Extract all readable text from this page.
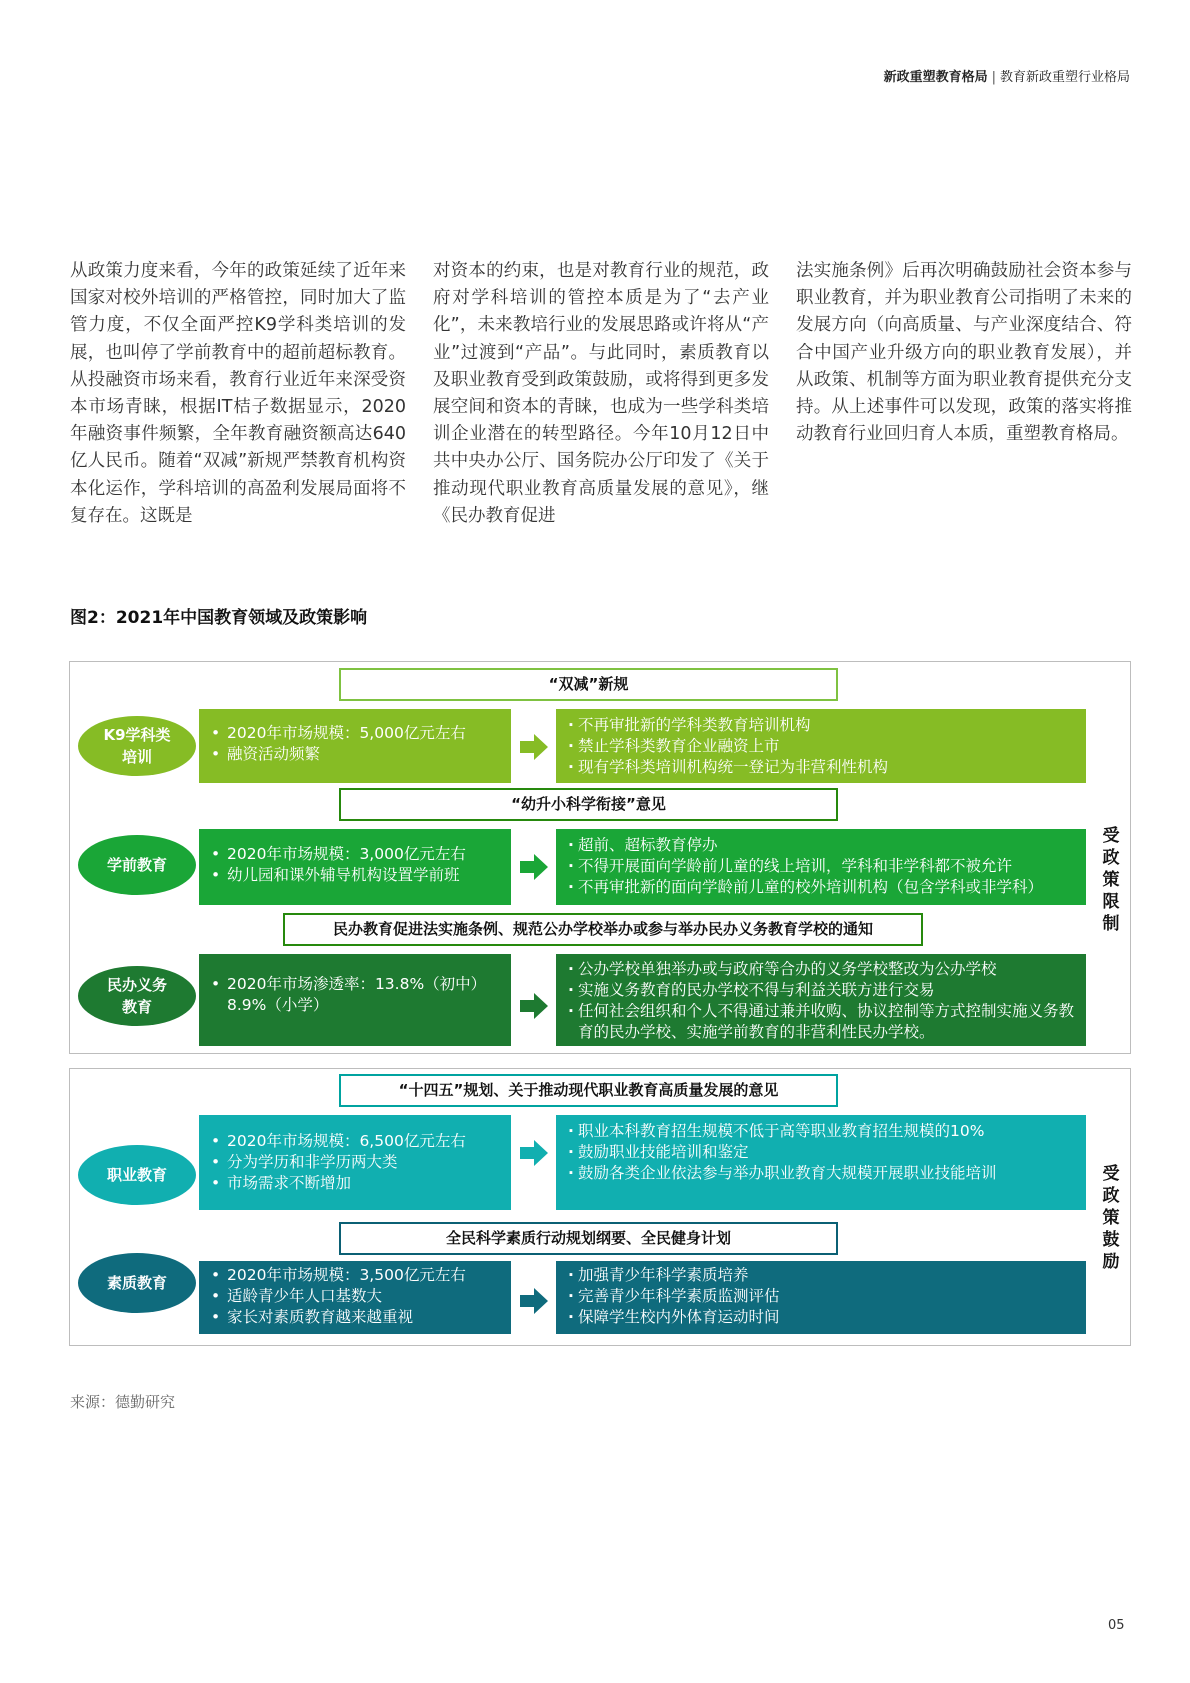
新政重塑教育格局 | 教育新政重塑行业格局
从政策力度来看，今年的政策延续了近年来国家对校外培训的严格管控，同时加大了监管力度，不仅全面严控K9学科类培训的发展，也叫停了学前教育中的超前超标教育。从投融资市场来看，教育行业近年来深受资本市场青睐，根据IT桔子数据显示，2020年融资事件频繁，全年教育融资额高达640亿人民币。随着“双减”新规严禁教育机构资本化运作，学科培训的高盈利发展局面将不复存在。这既是
对资本的约束，也是对教育行业的规范，政府对学科培训的管控本质是为了“去产业化”，未来教培行业的发展思路或许将从“产业”过渡到“产品”。与此同时，素质教育以及职业教育受到政策鼓励，或将得到更多发展空间和资本的青睐，也成为一些学科类培训企业潜在的转型路径。今年10月12日中共中央办公厅、国务院办公厅印发了《关于推动现代职业教育高质量发展的意见》，继《民办教育促进
法实施条例》后再次明确鼓励社会资本参与职业教育，并为职业教育公司指明了未来的发展方向（向高质量、与产业深度结合、符合中国产业升级方向的职业教育发展），并从政策、机制等方面为职业教育提供充分支持。从上述事件可以发现，政策的落实将推动教育行业回归育人本质，重塑教育格局。
图2：2021年中国教育领域及政策影响
“双减”新规
K9学科类
培训
• 2020年市场规模：5,000亿元左右
• 融资活动频繁
· 不再审批新的学科类教育培训机构
· 禁止学科类教育企业融资上市
· 现有学科类培训机构统一登记为非营利性机构
“幼升小科学衔接”意见
学前教育
• 2020年市场规模：3,000亿元左右
• 幼儿园和课外辅导机构设置学前班
· 超前、超标教育停办
· 不得开展面向学龄前儿童的线上培训，学科和非学科都不被允许
· 不再审批新的面向学龄前儿童的校外培训机构（包含学科或非学科）
民办教育促进法实施条例、规范公办学校举办或参与举办民办义务教育学校的通知
民办义务
教育
• 2020年市场渗透率：13.8%（初中）8.9%（小学）
· 公办学校单独举办或与政府等合办的义务学校整改为公办学校
· 实施义务教育的民办学校不得与利益关联方进行交易
· 任何社会组织和个人不得通过兼并收购、协议控制等方式控制实施义务教育的民办学校、实施学前教育的非营利性民办学校。
受政策限制
“十四五”规划、关于推动现代职业教育高质量发展的意见
职业教育
• 2020年市场规模：6,500亿元左右
• 分为学历和非学历两大类
• 市场需求不断增加
· 职业本科教育招生规模不低于高等职业教育招生规模的10%
· 鼓励职业技能培训和鉴定
· 鼓励各类企业依法参与举办职业教育大规模开展职业技能培训
全民科学素质行动规划纲要、全民健身计划
素质教育
•	2020年市场规模：3,500亿元左右
• 适龄青少年人口基数大
• 家长对素质教育越来越重视
· 加强青少年科学素质培养
· 完善青少年科学素质监测评估
· 保障学生校内外体育运动时间
受政策鼓励
来源：德勤研究
05
